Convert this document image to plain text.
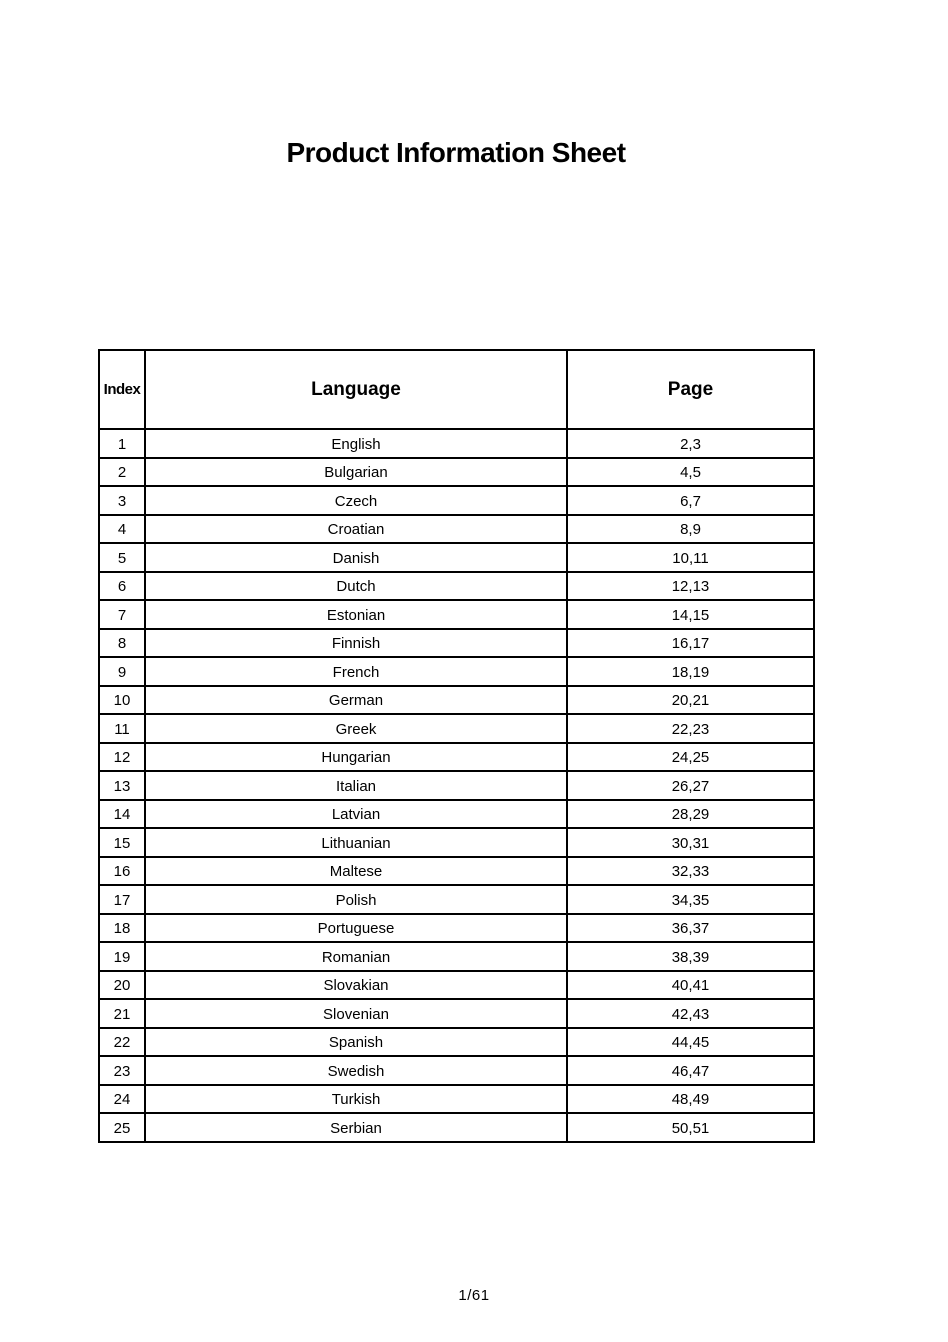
Product Information Sheet
Index	Language	Page
1	English	2,3
2	Bulgarian	4,5
3	Czech	6,7
4	Croatian	8,9
5	Danish	10,11
6	Dutch	12,13
7	Estonian	14,15
8	Finnish	16,17
9	French	18,19
10	German	20,21
11	Greek	22,23
12	Hungarian	24,25
13	Italian	26,27
14	Latvian	28,29
15	Lithuanian	30,31
16	Maltese	32,33
17	Polish	34,35
18	Portuguese	36,37
19	Romanian	38,39
20	Slovakian	40,41
21	Slovenian	42,43
22	Spanish	44,45
23	Swedish	46,47
24	Turkish	48,49
25	Serbian	50,51
1/61
